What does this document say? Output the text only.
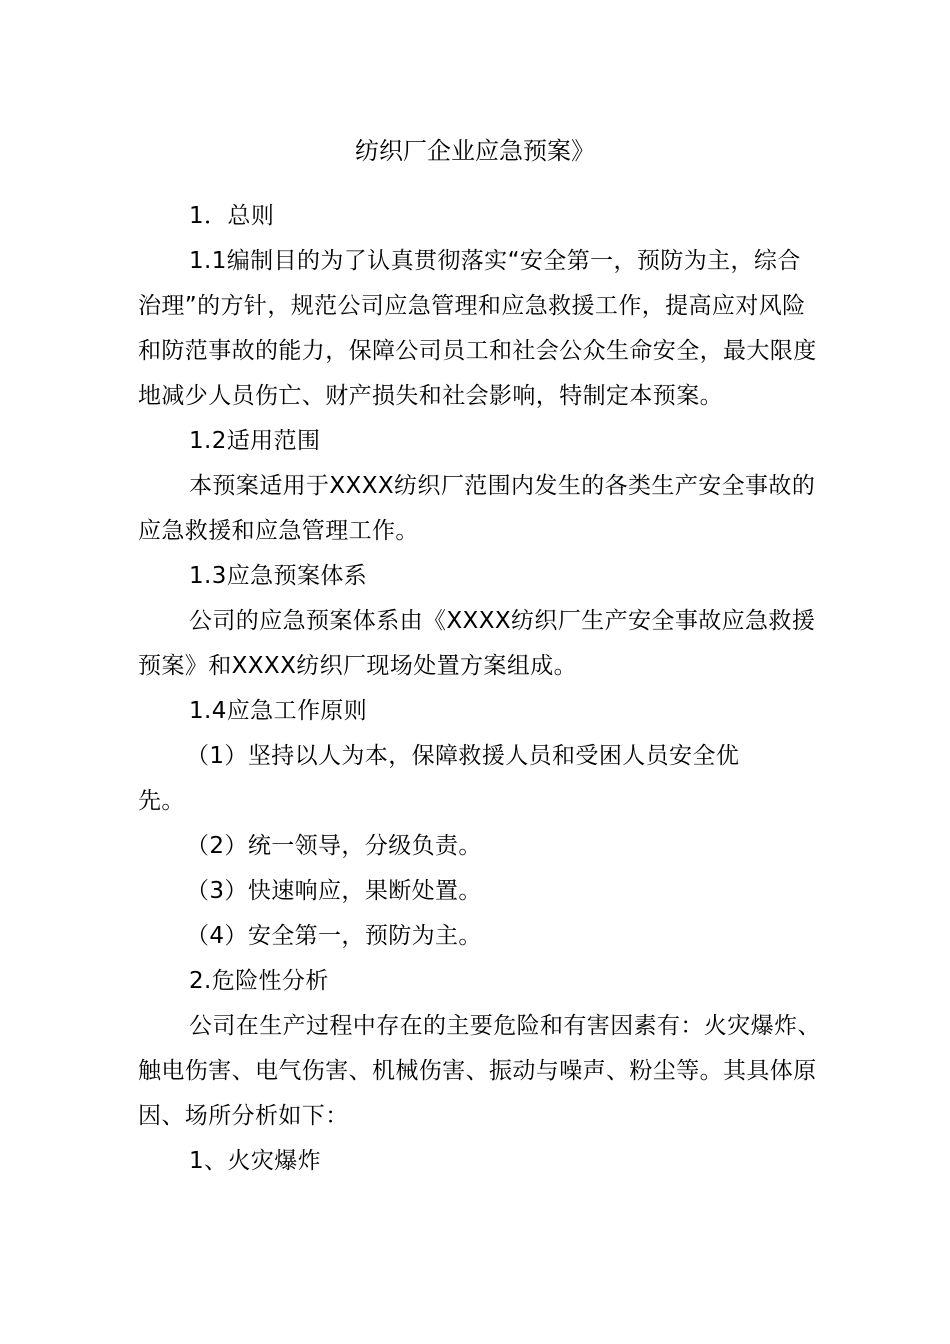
纺织厂企业应急预案》
1．总则
1.1编制目的为了认真贯彻落实“安全第一，预防为主，综合
治理”的方针，规范公司应急管理和应急救援工作，提高应对风险
和防范事故的能力，保障公司员工和社会公众生命安全，最大限度
地减少人员伤亡、财产损失和社会影响，特制定本预案。
1.2适用范围
本预案适用于XXXX纺织厂范围内发生的各类生产安全事故的
应急救援和应急管理工作。
1.3应急预案体系
公司的应急预案体系由《XXXX纺织厂生产安全事故应急救援
预案》和XXXX纺织厂现场处置方案组成。
1.4应急工作原则
（1）坚持以人为本，保障救援人员和受困人员安全优
先。
（2）统一领导，分级负责。
（3）快速响应，果断处置。
（4）安全第一，预防为主。
2.危险性分析
公司在生产过程中存在的主要危险和有害因素有：火灾爆炸、
触电伤害、电气伤害、机械伤害、振动与噪声、粉尘等。其具体原
因、场所分析如下：
1、火灾爆炸
